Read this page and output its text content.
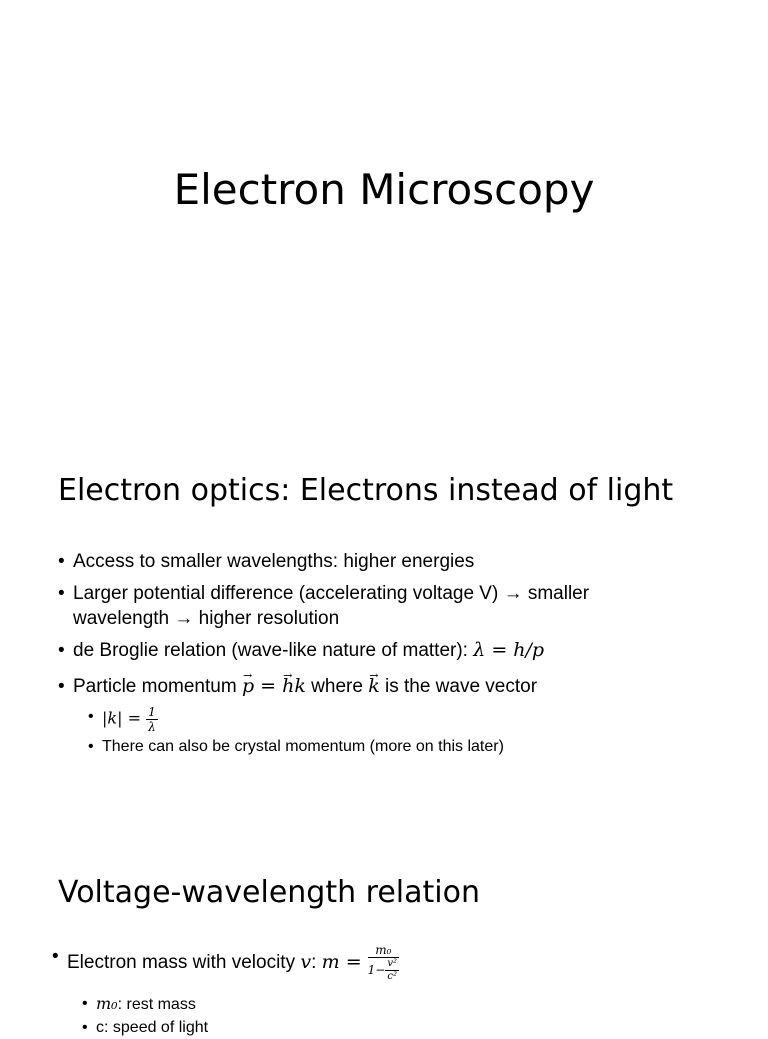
Electron Microscopy
Electron optics: Electrons instead of light
• Access to smaller wavelengths: higher energies
• Larger potential difference (accelerating voltage V) → smaller
wavelength → higher resolution
• de Broglie relation (wave-like nature of matter): λ = h/p
• Particle momentum → p = → hk where → k is the wave vector
• $|k| = \frac{1}{\lambda}$
• There can also be crystal momentum (more on this later)
Voltage-wavelength relation
• Electron mass with velocity v: $m = \frac{\text{m₀}}{1- \frac{\text{v²}}{\text{c²}}}$
• m₀: rest mass
• c: speed of light
